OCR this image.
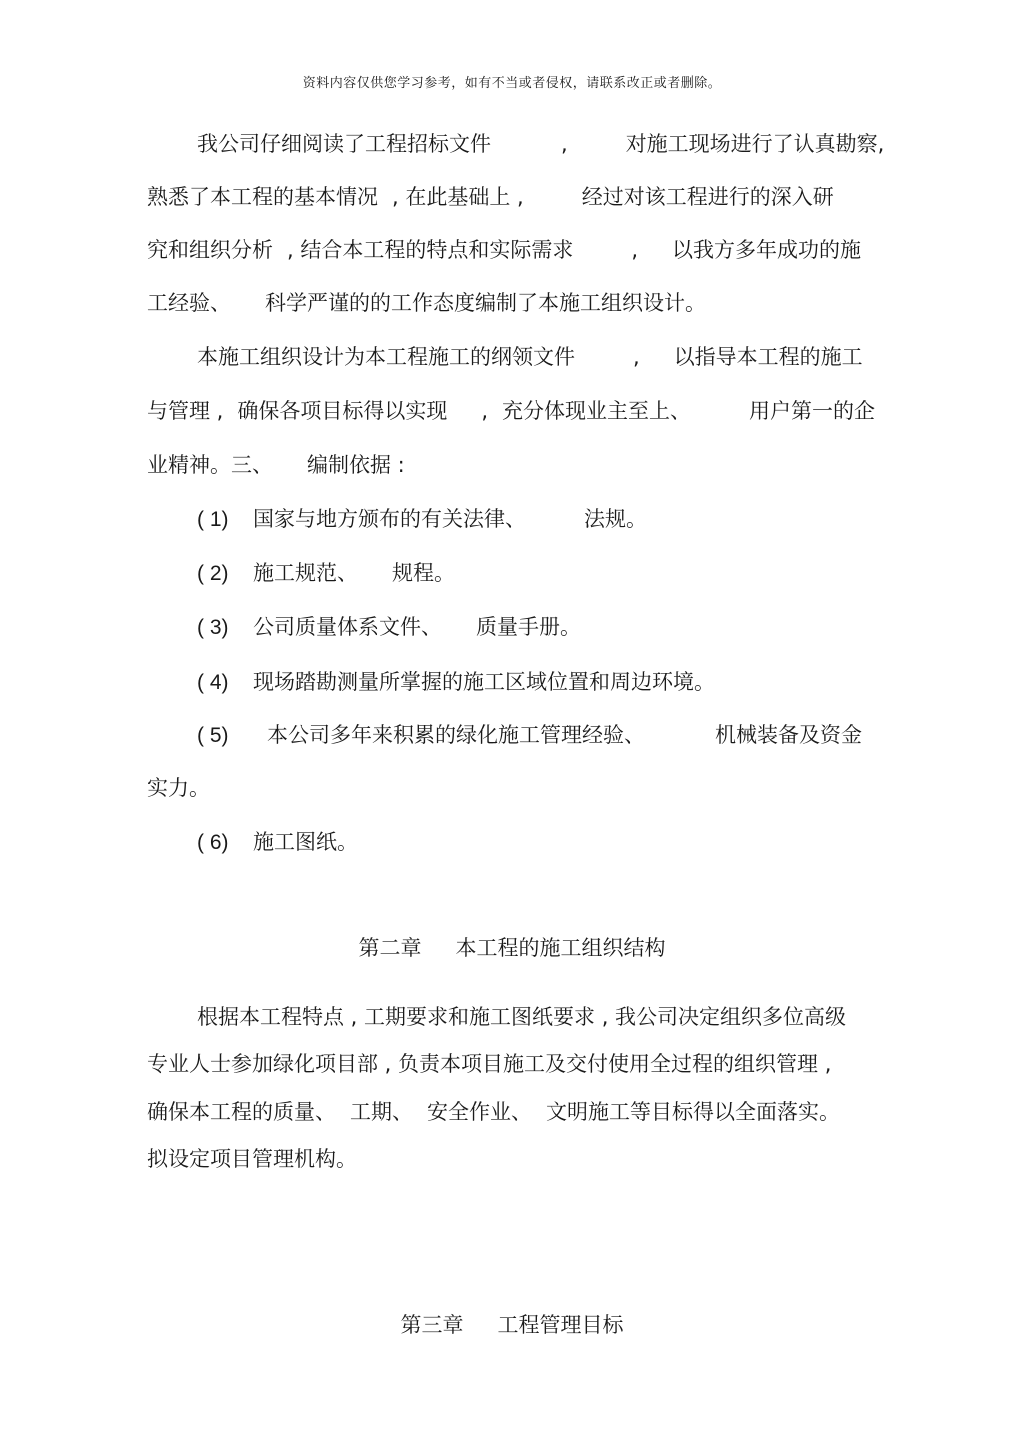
资料内容仅供您学习参考，如有不当或者侵权，请联系改正或者删除。
我公司仔细阅读了工程招标文件	,	对施工现场进行了认真勘察,
熟悉了本工程的基本情况 , 在此基础上 ,	经过对该工程进行的深入研
究和组织分析 , 结合本工程的特点和实际需求	, 以我方多年成功的施
工经验、 科学严谨的的工作态度编制了本施工组织设计。
本施工组织设计为本工程施工的纲领文件	, 以指导本工程的施工
与管理 , 确保各项目标得以实现 , 充分体现业主至上、	用户第一的企
业精神。三、 编制依据 :
( 1) 国家与地方颁布的有关法律、	法规。
( 2) 施工规范、 规程。
( 3) 公司质量体系文件、 质量手册。
( 4) 现场踏勘测量所掌握的施工区域位置和周边环境。
( 5) 本公司多年来积累的绿化施工管理经验、	机械装备及资金
实力。
( 6) 施工图纸。
第二章 本工程的施工组织结构
根据本工程特点 , 工期要求和施工图纸要求 , 我公司决定组织多位高级
专业人士参加绿化项目部 , 负责本项目施工及交付使用全过程的组织管理 ,
确保本工程的质量、 工期、 安全作业、 文明施工等目标得以全面落实。
拟设定项目管理机构。
第三章 工程管理目标
